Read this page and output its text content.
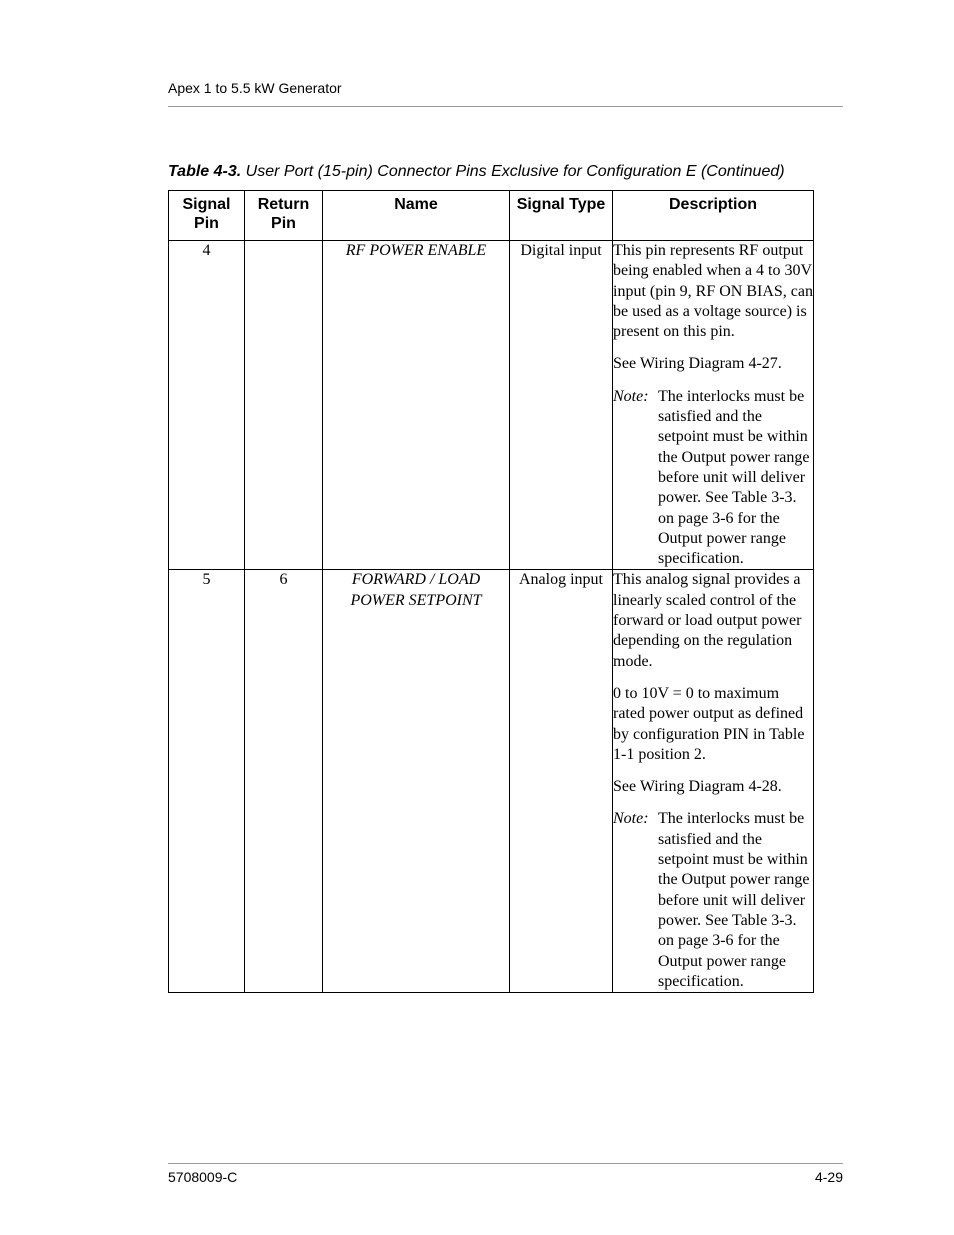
Apex 1 to 5.5 kW Generator
Table 4-3. User Port (15-pin) Connector Pins Exclusive for Configuration E (Continued)
Signal Pin	Return Pin	Name	Signal Type	Description
4		RF POWER ENABLE	Digital input	This pin represents RF output being enabled when a 4 to 30V input (pin 9, RF ON BIAS, can be used as a voltage source) is present on this pin.

See Wiring Diagram 4-27.

Note: The interlocks must be satisfied and the setpoint must be within the Output power range before unit will deliver power. See Table 3-3. on page 3-6 for the Output power range specification.

5	6	FORWARD / LOAD POWER SETPOINT	Analog input	This analog signal provides a linearly scaled control of the forward or load output power depending on the regulation mode.

0 to 10V = 0 to maximum rated power output as defined by configuration PIN in Table 1-1 position 2.

See Wiring Diagram 4-28.

Note: The interlocks must be satisfied and the setpoint must be within the Output power range before unit will deliver power. See Table 3-3. on page 3-6 for the Output power range specification.
5708009-C	4-29
